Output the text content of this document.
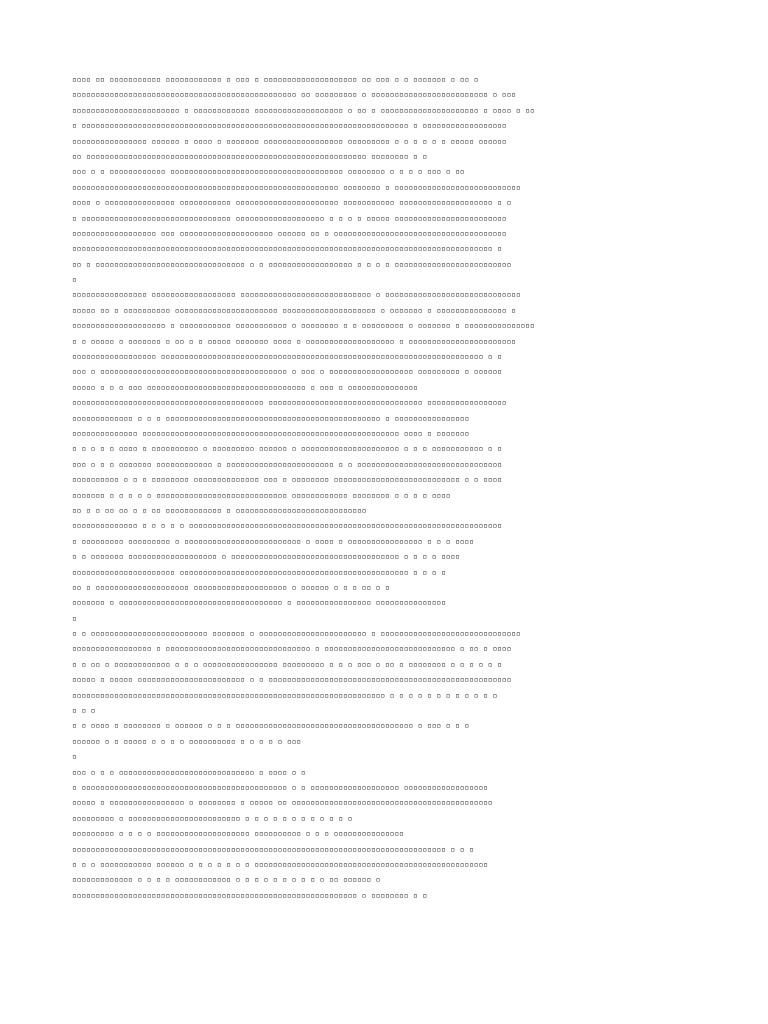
▫▫▫▫ ▫▫ ▫▫▫▫▫▫▫▫▫▫▫ ▫▫▫▫▫▫▫▫▫▫▫▫ ▫ ▫▫▫ ▫ ▫▫▫▫▫▫▫▫▫▫▫▫▫▫▫▫▫▫▫▫ ▫▫ ▫▫▫ ▫ ▫ ▫▫▫▫▫▫▫ ▫ ▫▫ ▫
▫▫▫▫▫▫▫▫▫▫▫▫▫▫▫▫▫▫▫▫▫▫▫▫▫▫▫▫▫▫▫▫▫▫▫▫▫▫▫▫▫▫▫▫▫▫▫▫ ▫▫ ▫▫▫▫▫▫▫▫▫ ▫ ▫▫▫▫▫▫▫▫▫▫▫▫▫▫▫▫▫▫▫▫▫▫▫▫▫ ▫ ▫▫▫
▫▫▫▫▫▫▫▫▫▫▫▫▫▫▫▫▫▫▫▫▫▫▫ ▫ ▫▫▫▫▫▫▫▫▫▫▫▫ ▫▫▫▫▫▫▫▫▫▫▫▫▫▫▫▫▫▫▫ ▫ ▫▫ ▫ ▫▫▫▫▫▫▫▫▫▫▫▫▫▫▫▫▫▫▫▫▫ ▫ ▫▫▫▫ ▫ ▫▫
▫ ▫▫▫▫▫▫▫▫▫▫▫▫▫▫▫▫▫▫▫▫▫▫▫▫▫▫▫▫▫▫▫▫▫▫▫▫▫▫▫▫▫▫▫▫▫▫▫▫▫▫▫▫▫▫▫▫▫▫▫▫▫▫▫▫▫▫▫▫▫▫ ▫ ▫▫▫▫▫▫▫▫▫▫▫▫▫▫▫▫▫▫
▫▫▫▫▫▫▫▫▫▫▫▫▫▫▫▫ ▫▫▫▫▫▫ ▫ ▫▫▫▫ ▫ ▫▫▫▫▫▫▫ ▫▫▫▫▫▫▫▫▫▫▫▫▫▫▫▫▫ ▫▫▫▫▫▫▫▫▫ ▫ ▫ ▫ ▫ ▫ ▫ ▫▫▫▫▫ ▫▫▫▫▫▫
▫▫ ▫▫▫▫▫▫▫▫▫▫▫▫▫▫▫▫▫▫▫▫▫▫▫▫▫▫▫▫▫▫▫▫▫▫▫▫▫▫▫▫▫▫▫▫▫▫▫▫▫▫▫▫▫▫▫▫▫▫▫▫ ▫▫▫▫▫▫▫▫ ▫ ▫
▫▫▫ ▫ ▫ ▫▫▫▫▫▫▫▫▫▫▫▫ ▫▫▫▫▫▫▫▫▫▫▫▫▫▫▫▫▫▫▫▫▫▫▫▫▫▫▫▫▫▫▫▫▫▫▫▫▫ ▫▫▫▫▫▫▫▫ ▫ ▫ ▫ ▫ ▫▫▫ ▫ ▫▫
▫▫▫▫▫▫▫▫▫▫▫▫▫▫▫▫▫▫▫▫▫▫▫▫▫▫▫▫▫▫▫▫▫▫▫▫▫▫▫▫▫▫▫▫▫▫▫▫▫▫▫▫▫▫▫▫▫ ▫▫▫▫▫▫▫▫ ▫ ▫▫▫▫▫▫▫▫▫▫▫▫▫▫▫▫▫▫▫▫▫▫▫▫▫▫▫
▫▫▫▫ ▫ ▫▫▫▫▫▫▫▫▫▫▫▫▫▫▫ ▫▫▫▫▫▫▫▫▫▫▫ ▫▫▫▫▫▫▫▫▫▫▫▫▫▫▫▫▫▫▫▫▫▫ ▫▫▫▫▫▫▫▫▫▫▫ ▫▫▫▫▫▫▫▫▫▫▫▫▫▫▫▫▫▫▫▫ ▫ ▫
▫ ▫▫▫▫▫▫▫▫▫▫▫▫▫▫▫▫▫▫▫▫▫▫▫▫▫▫▫▫▫▫▫▫ ▫▫▫▫▫▫▫▫▫▫▫▫▫▫▫▫▫▫▫ ▫ ▫ ▫ ▫ ▫▫▫▫▫ ▫▫▫▫▫▫▫▫▫▫▫▫▫▫▫▫▫▫▫▫▫▫▫▫
▫▫▫▫▫▫▫▫▫▫▫▫▫▫▫▫▫▫ ▫▫▫ ▫▫▫▫▫▫▫▫▫▫▫▫▫▫▫▫▫▫▫▫ ▫▫▫▫▫▫ ▫▫ ▫ ▫▫▫▫▫▫▫▫▫▫▫▫▫▫▫▫▫▫▫▫▫▫▫▫▫▫▫▫▫▫▫▫▫▫▫▫▫
▫▫▫▫▫▫▫▫▫▫▫▫▫▫▫▫▫▫▫▫▫▫▫▫▫▫▫▫▫▫▫▫▫▫▫▫▫▫▫▫▫▫▫▫▫▫▫▫▫▫▫▫▫▫▫▫▫▫▫▫▫▫▫▫▫▫▫▫▫▫▫▫▫▫▫▫▫▫▫▫▫▫▫▫▫▫▫▫▫▫ ▫
▫▫ ▫ ▫▫▫▫▫▫▫▫▫▫▫▫▫▫▫▫▫▫▫▫▫▫▫▫▫▫▫▫▫▫▫▫ ▫ ▫ ▫▫▫▫▫▫▫▫▫▫▫▫▫▫▫▫▫▫ ▫ ▫ ▫ ▫ ▫▫▫▫▫▫▫▫▫▫▫▫▫▫▫▫▫▫▫▫▫▫▫▫▫
▫
▫▫▫▫▫▫▫▫▫▫▫▫▫▫▫▫ ▫▫▫▫▫▫▫▫▫▫▫▫▫▫▫▫▫▫ ▫▫▫▫▫▫▫▫▫▫▫▫▫▫▫▫▫▫▫▫▫▫▫▫▫▫▫▫ ▫ ▫▫▫▫▫▫▫▫▫▫▫▫▫▫▫▫▫▫▫▫▫▫▫▫▫▫▫▫▫
▫▫▫▫▫ ▫▫ ▫ ▫▫▫▫▫▫▫▫▫▫ ▫▫▫▫▫▫▫▫▫▫▫▫▫▫▫▫▫▫▫▫▫▫ ▫▫▫▫▫▫▫▫▫▫▫▫▫▫▫▫▫▫▫▫ ▫ ▫▫▫▫▫▫▫ ▫ ▫▫▫▫▫▫▫▫▫▫▫▫▫▫▫ ▫
▫▫▫▫▫▫▫▫▫▫▫▫▫▫▫▫▫▫▫▫ ▫ ▫▫▫▫▫▫▫▫▫▫▫ ▫▫▫▫▫▫▫▫▫▫▫ ▫ ▫▫▫▫▫▫▫▫ ▫ ▫ ▫▫▫▫▫▫▫▫▫ ▫ ▫▫▫▫▫▫▫ ▫ ▫▫▫▫▫▫▫▫▫▫▫▫▫▫▫
▫ ▫ ▫▫▫▫▫ ▫ ▫▫▫▫▫▫▫ ▫ ▫▫ ▫ ▫ ▫▫▫▫▫ ▫▫▫▫▫▫▫ ▫▫▫▫ ▫ ▫▫▫▫▫▫▫▫▫▫▫▫▫▫▫▫▫▫▫ ▫ ▫▫▫▫▫▫▫▫▫▫▫▫▫▫▫▫▫▫▫▫▫▫▫
▫▫▫▫▫▫▫▫▫▫▫▫▫▫▫▫▫▫ ▫▫▫▫▫▫▫▫▫▫▫▫▫▫▫▫▫▫▫▫▫▫▫▫▫▫▫▫▫▫▫▫▫▫▫▫▫▫▫▫▫▫▫▫▫▫▫▫▫▫▫▫▫▫▫▫▫▫▫▫▫▫▫▫▫▫▫▫▫ ▫ ▫
▫▫▫ ▫ ▫▫▫▫▫▫▫▫▫▫▫▫▫▫▫▫▫▫▫▫▫▫▫▫▫▫▫▫▫▫▫▫▫▫▫▫▫▫▫▫ ▫ ▫▫▫ ▫ ▫▫▫▫▫▫▫▫▫▫▫▫▫▫▫▫▫▫ ▫▫▫▫▫▫▫▫▫ ▫ ▫▫▫▫▫▫
▫▫▫▫▫ ▫ ▫ ▫ ▫▫▫ ▫▫▫▫▫▫▫▫▫▫▫▫▫▫▫▫▫▫▫▫▫▫▫▫▫▫▫▫▫▫▫▫▫▫ ▫ ▫▫▫ ▫ ▫▫▫▫▫▫▫▫▫▫▫▫▫▫▫
▫▫▫▫▫▫▫▫▫▫▫▫▫▫▫▫▫▫▫▫▫▫▫▫▫▫▫▫▫▫▫▫▫▫▫▫▫▫▫▫▫ ▫▫▫▫▫▫▫▫▫▫▫▫▫▫▫▫▫▫▫▫▫▫▫▫▫▫▫▫▫▫▫▫▫ ▫▫▫▫▫▫▫▫▫▫▫▫▫▫▫▫▫
▫▫▫▫▫▫▫▫▫▫▫▫▫ ▫ ▫ ▫ ▫▫▫▫▫▫▫▫▫▫▫▫▫▫▫▫▫▫▫▫▫▫▫▫▫▫▫▫▫▫▫▫▫▫▫▫▫▫▫▫▫▫▫▫▫▫ ▫ ▫▫▫▫▫▫▫▫▫▫▫▫▫▫▫▫
▫▫▫▫▫▫▫▫▫▫▫▫▫▫ ▫▫▫▫▫▫▫▫▫▫▫▫▫▫▫▫▫▫▫▫▫▫▫▫▫▫▫▫▫▫▫▫▫▫▫▫▫▫▫▫▫▫▫▫▫▫▫▫▫▫▫▫▫▫▫ ▫▫▫▫ ▫ ▫▫▫▫▫▫▫
▫ ▫ ▫ ▫ ▫ ▫▫▫▫ ▫ ▫▫▫▫▫▫▫▫▫▫ ▫ ▫▫▫▫▫▫▫▫▫ ▫▫▫▫▫▫ ▫ ▫▫▫▫▫▫▫▫▫▫▫▫▫▫▫▫▫▫▫▫▫ ▫ ▫ ▫ ▫▫▫▫▫▫▫▫▫▫▫ ▫ ▫
▫▫▫ ▫ ▫ ▫ ▫▫▫▫▫▫▫ ▫▫▫▫▫▫▫▫▫▫▫▫ ▫ ▫▫▫▫▫▫▫▫▫▫▫▫▫▫▫▫▫▫▫▫▫▫▫ ▫ ▫ ▫▫▫▫▫▫▫▫▫▫▫▫▫▫▫▫▫▫▫▫▫▫▫▫▫▫▫▫▫▫▫
▫▫▫▫▫▫▫▫▫▫ ▫ ▫ ▫ ▫▫▫▫▫▫▫▫ ▫▫▫▫▫▫▫▫▫▫▫▫▫▫ ▫▫▫ ▫ ▫▫▫▫▫▫▫▫ ▫▫▫▫▫▫▫▫▫▫▫▫▫▫▫▫▫▫▫▫▫▫▫▫▫▫▫ ▫ ▫ ▫▫▫▫
▫▫▫▫▫▫▫ ▫ ▫ ▫ ▫ ▫ ▫▫▫▫▫▫▫▫▫▫▫▫▫▫▫▫▫▫▫▫▫▫▫▫▫▫▫▫ ▫▫▫▫▫▫▫▫▫▫▫▫ ▫▫▫▫▫▫▫▫ ▫ ▫ ▫ ▫ ▫▫▫▫
▫▫ ▫ ▫ ▫▫ ▫▫ ▫ ▫ ▫▫ ▫▫▫▫▫▫▫▫▫▫▫▫ ▫ ▫▫▫▫▫▫▫▫▫▫▫▫▫▫▫▫▫▫▫▫▫▫▫▫▫▫▫▫
▫▫▫▫▫▫▫▫▫▫▫▫▫▫ ▫ ▫ ▫ ▫ ▫ ▫▫▫▫▫▫▫▫▫▫▫▫▫▫▫▫▫▫▫▫▫▫▫▫▫▫▫▫▫▫▫▫▫▫▫▫▫▫▫▫▫▫▫▫▫▫▫▫▫▫▫▫▫▫▫▫▫▫▫▫▫▫▫▫▫▫▫
▫ ▫▫▫▫▫▫▫▫▫ ▫▫▫▫▫▫▫▫▫ ▫ ▫▫▫▫▫▫▫▫▫▫▫▫▫▫▫▫▫▫▫▫▫▫▫▫▫ ▫ ▫▫▫▫ ▫ ▫▫▫▫▫▫▫▫▫▫▫▫▫▫▫▫ ▫ ▫ ▫ ▫▫▫▫
▫ ▫ ▫▫▫▫▫▫▫ ▫▫▫▫▫▫▫▫▫▫▫▫▫▫▫▫▫▫▫ ▫ ▫▫▫▫▫▫▫▫▫▫▫▫▫▫▫▫▫▫▫▫▫▫▫▫▫▫▫▫▫▫▫▫▫▫▫▫ ▫ ▫ ▫ ▫ ▫▫▫▫
▫▫▫▫▫▫▫▫▫▫▫▫▫▫▫▫▫▫▫▫▫▫ ▫▫▫▫▫▫▫▫▫▫▫▫▫▫▫▫▫▫▫▫▫▫▫▫▫▫▫▫▫▫▫▫▫▫▫▫▫▫▫▫▫▫▫▫▫▫▫▫▫ ▫ ▫ ▫ ▫
▫▫ ▫ ▫▫▫▫▫▫▫▫▫▫▫▫▫▫▫▫▫▫▫▫ ▫▫▫▫▫▫▫▫▫▫▫▫▫▫▫▫▫▫▫▫ ▫ ▫▫▫▫▫▫ ▫ ▫ ▫ ▫▫ ▫ ▫
▫▫▫▫▫▫▫ ▫ ▫▫▫▫▫▫▫▫▫▫▫▫▫▫▫▫▫▫▫▫▫▫▫▫▫▫▫▫▫▫▫▫▫▫▫ ▫ ▫▫▫▫▫▫▫▫▫▫▫▫▫▫▫▫ ▫▫▫▫▫▫▫▫▫▫▫▫▫▫▫
▫
▫ ▫ ▫▫▫▫▫▫▫▫▫▫▫▫▫▫▫▫▫▫▫▫▫▫▫▫▫ ▫▫▫▫▫▫▫ ▫ ▫▫▫▫▫▫▫▫▫▫▫▫▫▫▫▫▫▫▫▫▫▫▫ ▫ ▫▫▫▫▫▫▫▫▫▫▫▫▫▫▫▫▫▫▫▫▫▫▫▫▫▫▫▫▫▫
▫▫▫▫▫▫▫▫▫▫▫▫▫▫▫▫▫ ▫ ▫▫▫▫▫▫▫▫▫▫▫▫▫▫▫▫▫▫▫▫▫▫▫▫▫▫▫▫▫▫▫ ▫ ▫▫▫▫▫▫▫▫▫▫▫▫▫▫▫▫▫▫▫▫▫▫▫▫▫▫▫▫ ▫ ▫▫ ▫ ▫▫▫▫
▫ ▫ ▫▫ ▫ ▫▫▫▫▫▫▫▫▫▫▫▫ ▫ ▫ ▫ ▫▫▫▫▫▫▫▫▫▫▫▫▫▫▫▫ ▫▫▫▫▫▫▫▫▫ ▫ ▫ ▫ ▫▫▫ ▫ ▫▫ ▫ ▫▫▫▫▫▫▫▫ ▫ ▫ ▫ ▫ ▫ ▫
▫▫▫▫▫ ▫ ▫▫▫▫▫ ▫▫▫▫▫▫▫▫▫▫▫▫▫▫▫▫▫▫▫▫▫▫▫ ▫ ▫ ▫▫▫▫▫▫▫▫▫▫▫▫▫▫▫▫▫▫▫▫▫▫▫▫▫▫▫▫▫▫▫▫▫▫▫▫▫▫▫▫▫▫▫▫▫▫▫▫▫▫▫▫
▫▫▫▫▫▫▫▫▫▫▫▫▫▫▫▫▫▫▫▫▫▫▫▫▫▫▫▫▫▫▫▫▫▫▫▫▫▫▫▫▫▫▫▫▫▫▫▫▫▫▫▫▫▫▫▫▫▫▫▫▫▫▫▫▫▫▫ ▫ ▫ ▫ ▫ ▫ ▫ ▫ ▫ ▫ ▫ ▫ ▫
▫ ▫ ▫
▫ ▫ ▫▫▫▫ ▫ ▫▫▫▫▫▫▫▫ ▫ ▫▫▫▫▫▫ ▫ ▫ ▫ ▫▫▫▫▫▫▫▫▫▫▫▫▫▫▫▫▫▫▫▫▫▫▫▫▫▫▫▫▫▫▫▫▫▫▫▫▫▫ ▫ ▫▫▫ ▫ ▫ ▫
▫▫▫▫▫▫ ▫ ▫ ▫▫▫▫▫ ▫ ▫ ▫ ▫ ▫▫▫▫▫▫▫▫▫▫ ▫ ▫ ▫ ▫ ▫ ▫▫▫
▫
▫▫▫ ▫ ▫ ▫ ▫▫▫▫▫▫▫▫▫▫▫▫▫▫▫▫▫▫▫▫▫▫▫▫▫▫▫▫▫ ▫ ▫▫▫▫ ▫ ▫
▫ ▫▫▫▫▫▫▫▫▫▫▫▫▫▫▫▫▫▫▫▫▫▫▫▫▫▫▫▫▫▫▫▫▫▫▫▫▫▫▫▫▫▫▫▫ ▫ ▫ ▫▫▫▫▫▫▫▫▫▫▫▫▫▫▫▫▫▫▫ ▫▫▫▫▫▫▫▫▫▫▫▫▫▫▫▫▫▫
▫▫▫▫▫ ▫ ▫▫▫▫▫▫▫▫▫▫▫▫▫▫▫▫ ▫ ▫▫▫▫▫▫▫▫ ▫ ▫▫▫▫▫ ▫▫ ▫▫▫▫▫▫▫▫▫▫▫▫▫▫▫▫▫▫▫▫▫▫▫▫▫▫▫▫▫▫▫▫▫▫▫▫▫▫▫▫▫▫▫
▫▫▫▫▫▫▫▫▫ ▫ ▫▫▫▫▫▫▫▫▫▫▫▫▫▫▫▫▫▫▫▫▫▫▫▫ ▫ ▫ ▫ ▫ ▫ ▫ ▫ ▫ ▫ ▫ ▫ ▫
▫▫▫▫▫▫▫▫▫ ▫ ▫ ▫ ▫ ▫▫▫▫▫▫▫▫▫▫▫▫▫▫▫▫▫▫▫▫ ▫▫▫▫▫▫▫▫▫▫ ▫ ▫ ▫ ▫▫▫▫▫▫▫▫▫▫▫▫▫▫▫
▫▫▫▫▫▫▫▫▫▫▫▫▫▫▫▫▫▫▫▫▫▫▫▫▫▫▫▫▫▫▫▫▫▫▫▫▫▫▫▫▫▫▫▫▫▫▫▫▫▫▫▫▫▫▫▫▫▫▫▫▫▫▫▫▫▫▫▫▫▫▫▫▫▫▫▫▫▫▫▫ ▫ ▫ ▫
▫ ▫ ▫ ▫▫▫▫▫▫▫▫▫▫▫ ▫▫▫▫▫▫ ▫ ▫ ▫ ▫ ▫ ▫ ▫ ▫▫▫▫▫▫▫▫▫▫▫▫▫▫▫▫▫▫▫▫▫▫▫▫▫▫▫▫▫▫▫▫▫▫▫▫▫▫▫▫▫▫▫▫▫▫▫▫▫▫
▫▫▫▫▫▫▫▫▫▫▫▫▫ ▫ ▫ ▫ ▫ ▫▫▫▫▫▫▫▫▫▫▫▫ ▫ ▫ ▫ ▫ ▫ ▫ ▫ ▫ ▫ ▫ ▫▫ ▫▫▫▫▫▫ ▫
▫▫▫▫▫▫▫▫▫▫▫▫▫▫▫▫▫▫▫▫▫▫▫▫▫▫▫▫▫▫▫▫▫▫▫▫▫▫▫▫▫▫▫▫▫▫▫▫▫▫▫▫▫▫▫▫▫▫▫▫▫ ▫ ▫▫▫▫▫▫▫▫ ▫ ▫
